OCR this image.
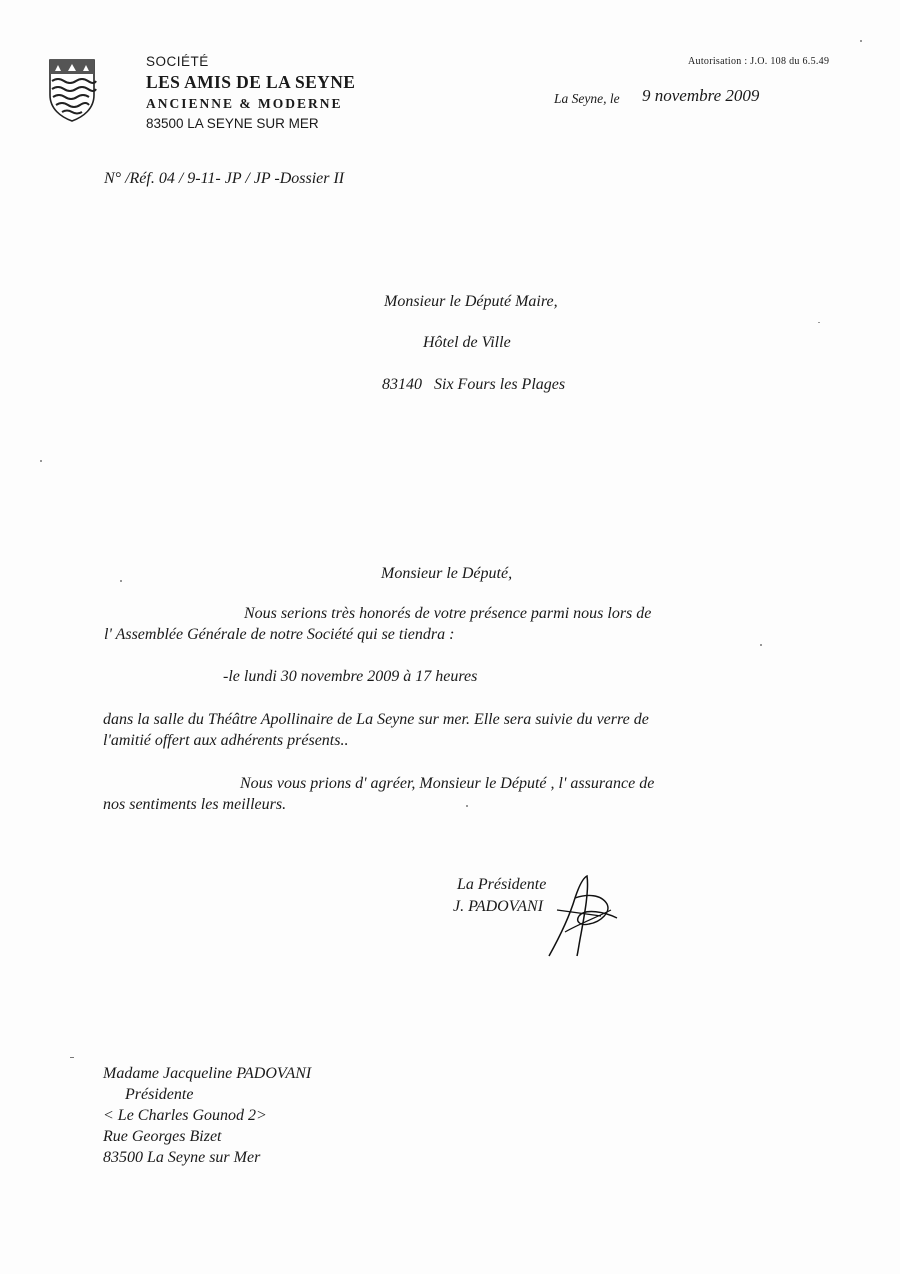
SOCIÉTÉ
LES AMIS DE LA SEYNE
ANCIENNE & MODERNE
83500 LA SEYNE SUR MER
Autorisation : J.O. 108 du 6.5.49
La Seyne, le 9 novembre 2009
N° /Réf. 04 / 9-11- JP / JP -Dossier II
Monsieur le Député Maire,
Hôtel de Ville
83140   Six Fours les Plages
Monsieur le Député,
Nous serions très honorés de votre présence parmi nous lors de
l' Assemblée Générale de notre Société qui se tiendra :
-le lundi 30 novembre 2009 à 17 heures
dans la salle du Théâtre Apollinaire de La Seyne sur mer. Elle sera suivie du verre de
l'amitié offert aux adhérents présents..
Nous vous prions d' agréer, Monsieur le Député , l' assurance de
nos sentiments les meilleurs.
La Présidente
J. PADOVANI
Madame Jacqueline PADOVANI
Présidente
< Le Charles Gounod 2>
Rue Georges Bizet
83500 La Seyne sur Mer
